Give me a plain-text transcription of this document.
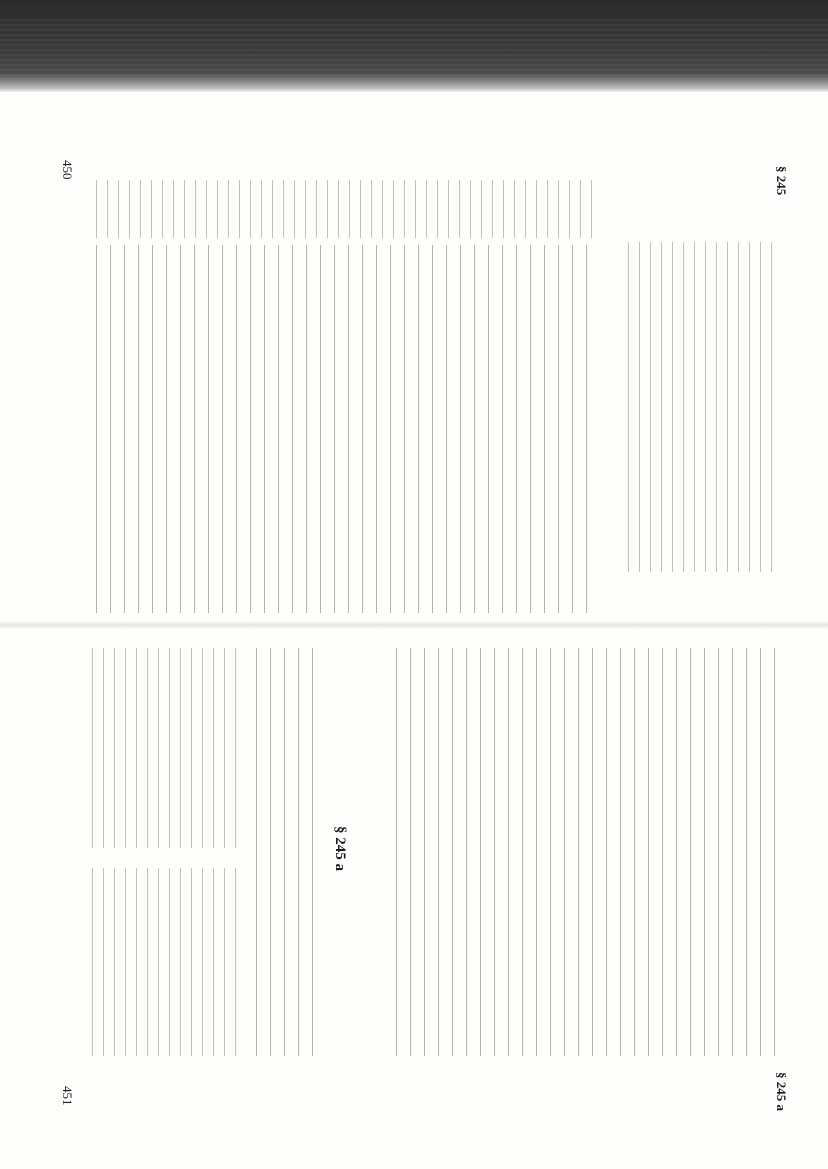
§ 245
450
§ 245 a
451
§ 245 a
